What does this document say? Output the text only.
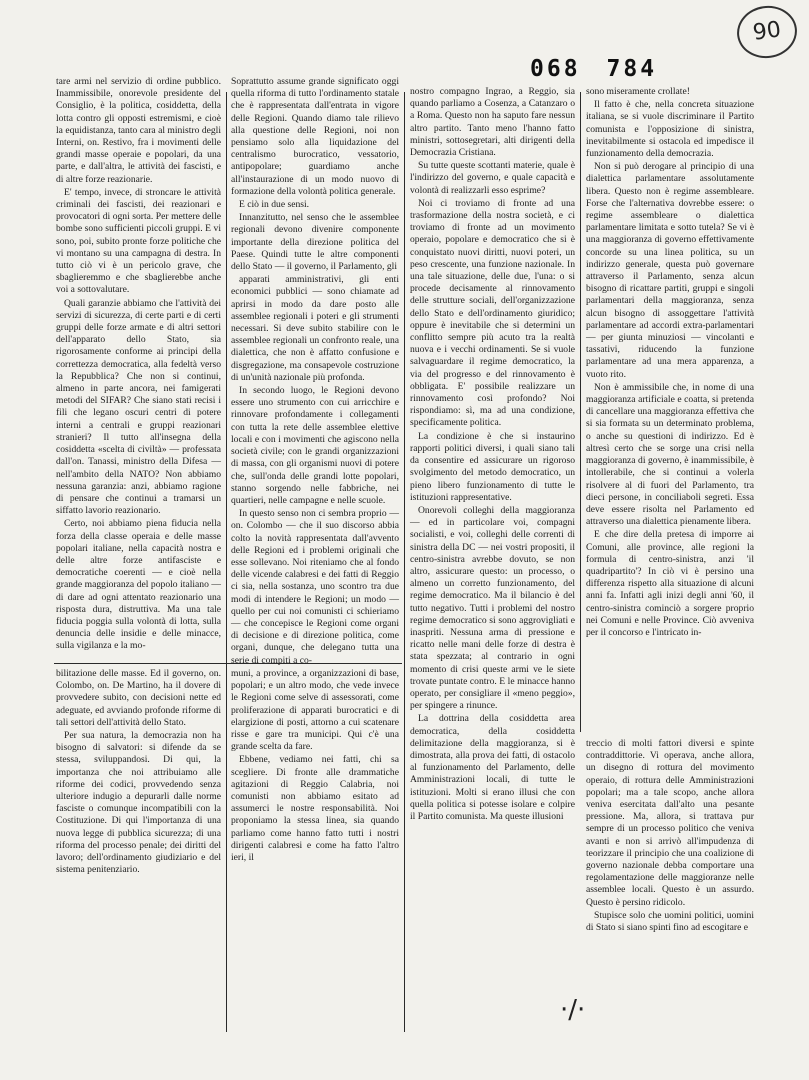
068 784
90

tare armi nel servizio di ordine pubblico. Inammissibile, onorevole presidente del Consiglio, è la politica, cosiddetta, della lotta contro gli opposti estremismi, e cioè la equidistanza, tanto cara al ministro degli Interni, on. Restivo, fra i movimenti delle grandi masse operaie e popolari, da una parte, e dall'altra, le attività dei fascisti, e di altre forze reazionarie.

E' tempo, invece, di stroncare le attività criminali dei fascisti, dei reazionari e provocatori di ogni sorta. Per mettere delle bombe sono sufficienti piccoli gruppi. E vi sono, poi, subito pronte forze politiche che vi montano su una campagna di destra. In tutto ciò vi è un pericolo grave, che sbaglieremmo e che sbaglierebbe anche voi a sottovalutare.

Quali garanzie abbiamo che l'attività dei servizi di sicurezza, di certe parti e di certi gruppi delle forze armate e di altri settori dell'apparato dello Stato, sia rigorosamente conforme ai principi della correttezza democratica, alla fedeltà verso la Repubblica? Che non si continui, almeno in parte ancora, nei famigerati metodi del SIFAR? Che siano stati recisi i fili che legano oscuri centri di potere interni a centrali e gruppi reazionari stranieri? Il tutto all'insegna della cosiddetta «scelta di civiltà» — professata dall'on. Tanassi, ministro della Difesa — nell'ambito della NATO? Non abbiamo nessuna garanzia: anzi, abbiamo ragione di pensare che continui a tramarsi un siffatto lavorio reazionario.

Certo, noi abbiamo piena fiducia nella forza della classe operaia e delle masse popolari italiane, nella capacità nostra e delle altre forze antifasciste e democratiche coerenti — e cioè nella grande maggioranza del popolo italiano — di dare ad ogni attentato reazionario una risposta dura, distruttiva. Ma una tale fiducia poggia sulla volontà di lotta, sulla denuncia delle insidie e delle minacce, sulla vigilanza e la mo-

Soprattutto assume grande significato oggi quella riforma di tutto l'ordinamento statale che è rappresentata dall'entrata in vigore delle Regioni. Quando diamo tale rilievo alla questione delle Regioni, noi non pensiamo solo alla liquidazione del centralismo burocratico, vessatorio, antipopolare; guardiamo anche all'instaurazione di un modo nuovo di formazione della volontà politica generale.

E ciò in due sensi.

Innanzitutto, nel senso che le assemblee regionali devono divenire componente importante della direzione politica del Paese. Quindi tutte le altre componenti dello Stato — il governo, il Parlamento, gli

apparati amministrativi, gli enti economici pubblici — sono chiamate ad aprirsi in modo da dare posto alle assemblee regionali i poteri e gli strumenti necessari. Si deve subito stabilire con le assemblee regionali un confronto reale, una dialettica, che non è affatto confusione e disgregazione, ma consapevole costruzione di un'unità nazionale più profonda.

In secondo luogo, le Regioni devono essere uno strumento con cui arricchire e rinnovare profondamente i collegamenti con tutta la rete delle assemblee elettive locali e con i movimenti che agiscono nella società civile; con le grandi organizzazioni di massa, con gli organismi nuovi di potere che, sull'onda delle grandi lotte popolari, stanno sorgendo nelle fabbriche, nei quartieri, nelle campagne e nelle scuole.

In questo senso non ci sembra proprio — on. Colombo — che il suo discorso abbia colto la novità rappresentata dall'avvento delle Regioni ed i problemi originali che esse sollevano. Noi riteniamo che al fondo delle vicende calabresi e dei fatti di Reggio ci sia, nella sostanza, uno scontro tra due modi di intendere le Regioni; un modo — quello per cui noi comunisti ci schieriamo — che concepisce le Regioni come organi di decisione e di direzione politica, come organi, dunque, che delegano tutta una serie di compiti a co-

nostro compagno Ingrao, a Reggio, sia quando parliamo a Cosenza, a Catanzaro o a Roma. Questo non ha saputo fare nessun altro partito. Tanto meno l'hanno fatto ministri, sottosegretari, alti dirigenti della Democrazia Cristiana.

Su tutte queste scottanti materie, quale è l'indirizzo del governo, e quale capacità e volontà di realizzarli esso esprime?

Noi ci troviamo di fronte ad una trasformazione della nostra società, e ci troviamo di fronte ad un movimento operaio, popolare e democratico che si è conquistato nuovi diritti, nuovi poteri, un peso crescente, una funzione nazionale. In una tale situazione, delle due, l'una: o si procede decisamente al rinnovamento delle strutture sociali, dell'organizzazione dello Stato e dell'ordinamento giuridico; oppure è inevitabile che si determini un conflitto sempre più acuto tra la realtà nuova e i vecchi ordinamenti. Se si vuole salvaguardare il regime democratico, la via del progresso e del rinnovamento è obbligata. E' possibile realizzare un rinnovamento così profondo? Noi rispondiamo: sì, ma ad una condizione, specificamente politica.

La condizione è che si instaurino rapporti politici diversi, i quali siano tali da consentire ed assicurare un rigoroso svolgimento del metodo democratico, un pieno libero funzionamento di tutte le istituzioni rappresentative.

Onorevoli colleghi della maggioranza — ed in particolare voi, compagni socialisti, e voi, colleghi delle correnti di sinistra della DC — nei vostri propositi, il centro-sinistra avrebbe dovuto, se non altro, assicurare questo: un processo, o almeno un corretto funzionamento, del regime democratico. Ma il bilancio è del tutto negativo. Tutti i problemi del nostro regime democratico si sono aggrovigliati e inaspriti. Nessuna arma di pressione e ricatto nelle mani delle forze di destra è stata spezzata; al contrario in ogni momento di crisi queste armi ve le siete trovate puntate contro. E le minacce hanno operato, per consigliare il «meno peggio», per spingere a rinunce.

La dottrina della cosiddetta area democratica, della cosiddetta delimitazione della maggioranza, si è dimostrata, alla prova dei fatti, di ostacolo al funzionamento del Parlamento, delle Amministrazioni locali, di tutte le istituzioni. Molti si erano illusi che con quella politica si potesse isolare e colpire il Partito comunista. Ma queste illusioni

sono miseramente crollate!

Il fatto è che, nella concreta situazione italiana, se si vuole discriminare il Partito comunista e l'opposizione di sinistra, inevitabilmente si ostacola ed impedisce il funzionamento della democrazia.

Non si può derogare al principio di una dialettica parlamentare assolutamente libera. Questo non è regime assembleare. Forse che l'alternativa dovrebbe essere: o regime assembleare o dialettica parlamentare limitata e sotto tutela? Se vi è una maggioranza di governo effettivamente concorde su una linea politica, su un indirizzo generale, questa può governare attraverso il Parlamento, senza alcun bisogno di ricattare partiti, gruppi e singoli parlamentari della maggioranza, senza alcun bisogno di assoggettare l'attività parlamentare ad accordi extra-parlamentari — per giunta minuziosi — vincolanti e tassativi, riducendo la funzione parlamentare ad una mera apparenza, a vuoto rito.

Non è ammissibile che, in nome di una maggioranza artificiale e coatta, si pretenda di cancellare una maggioranza effettiva che si sia formata su un determinato problema, o anche su questioni di indirizzo. Ed è altresì certo che se sorge una crisi nella maggioranza di governo, è inammissibile, è intollerabile, che si continui a volerla risolvere al di fuori del Parlamento, tra dieci persone, in conciliaboli segreti. Essa deve essere risolta nel Parlamento ed attraverso una dialettica pienamente libera.

E che dire della pretesa di imporre ai Comuni, alle province, alle regioni la formula di centro-sinistra, anzi 'il quadripartito'? In ciò vi è persino una differenza rispetto alla situazione di alcuni anni fa. Infatti agli inizi degli anni '60, il centro-sinistra cominciò a sorgere proprio nei Comuni e nelle Province. Ciò avveniva per il concorso e l'intricato in-

bilitazione delle masse. Ed il governo, on. Colombo, on. De Martino, ha il dovere di provvedere subito, con decisioni nette ed adeguate, ed avviando profonde riforme di tali settori dell'attività dello Stato.

Per sua natura, la democrazia non ha bisogno di salvatori: si difende da se stessa, sviluppandosi. Di qui, la importanza che noi attribuiamo alle riforme dei codici, provvedendo senza ulteriore indugio a depurarli dalle norme fasciste o comunque incompatibili con la Costituzione. Di qui l'importanza di una nuova legge di pubblica sicurezza; di una riforma del processo penale; dei diritti del lavoro; dell'ordinamento giudiziario e del sistema penitenziario.

muni, a province, a organizzazioni di base, popolari; e un altro modo, che vede invece le Regioni come selve di assessorati, come proliferazione di apparati burocratici e di elargizione di posti, attorno a cui scatenare risse e gare tra municipi. Qui c'è una grande scelta da fare.

Ebbene, vediamo nei fatti, chi sa scegliere. Di fronte alle drammatiche agitazioni di Reggio Calabria, noi comunisti non abbiamo esitato ad assumerci le nostre responsabilità. Noi proponiamo la stessa linea, sia quando parliamo come hanno fatto tutti i nostri dirigenti calabresi e come ha fatto l'altro ieri, il

treccio di molti fattori diversi e spinte contraddittorie. Vi operava, anche allora, un disegno di rottura del movimento operaio, di rottura delle Amministrazioni popolari; ma a tale scopo, anche allora veniva esercitata dall'alto una pesante pressione. Ma, allora, si trattava pur sempre di un processo politico che veniva avanti e non si arrivò all'impudenza di teorizzare il principio che una coalizione di governo nazionale debba comportare una regolamentazione delle maggioranze nelle assemblee locali. Questo è un assurdo. Questo è persino ridicolo.

Stupisce solo che uomini politici, uomini di Stato si siano spinti fino ad escogitare e

·/·
